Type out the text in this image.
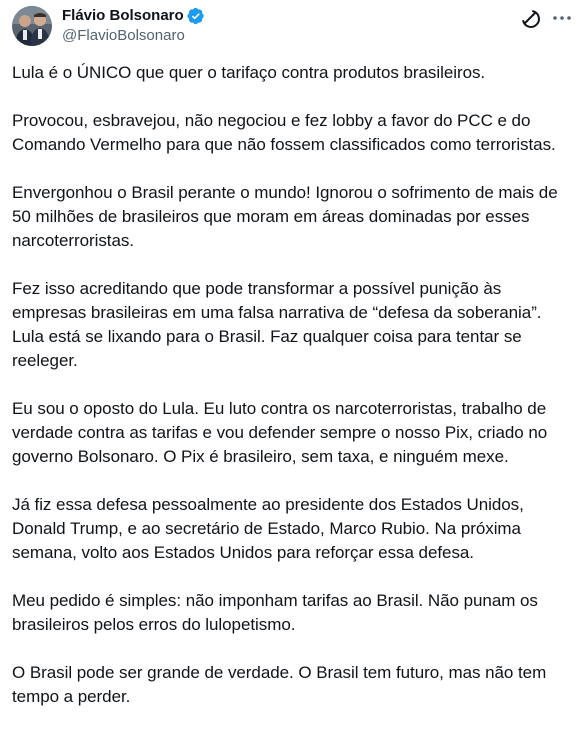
Flávio Bolsonaro
@FlavioBolsonaro

Lula é o ÚNICO que quer o tarifaço contra produtos brasileiros.

Provocou, esbravejou, não negociou e fez lobby a favor do PCC e do
Comando Vermelho para que não fossem classificados como terroristas.

Envergonhou o Brasil perante o mundo! Ignorou o sofrimento de mais de
50 milhões de brasileiros que moram em áreas dominadas por esses
narcoterroristas.

Fez isso acreditando que pode transformar a possível punição às
empresas brasileiras em uma falsa narrativa de “defesa da soberania”.
Lula está se lixando para o Brasil. Faz qualquer coisa para tentar se
reeleger.

Eu sou o oposto do Lula. Eu luto contra os narcoterroristas, trabalho de
verdade contra as tarifas e vou defender sempre o nosso Pix, criado no
governo Bolsonaro. O Pix é brasileiro, sem taxa, e ninguém mexe.

Já fiz essa defesa pessoalmente ao presidente dos Estados Unidos,
Donald Trump, e ao secretário de Estado, Marco Rubio. Na próxima
semana, volto aos Estados Unidos para reforçar essa defesa.

Meu pedido é simples: não imponham tarifas ao Brasil. Não punam os
brasileiros pelos erros do lulopetismo.

O Brasil pode ser grande de verdade. O Brasil tem futuro, mas não tem
tempo a perder.
